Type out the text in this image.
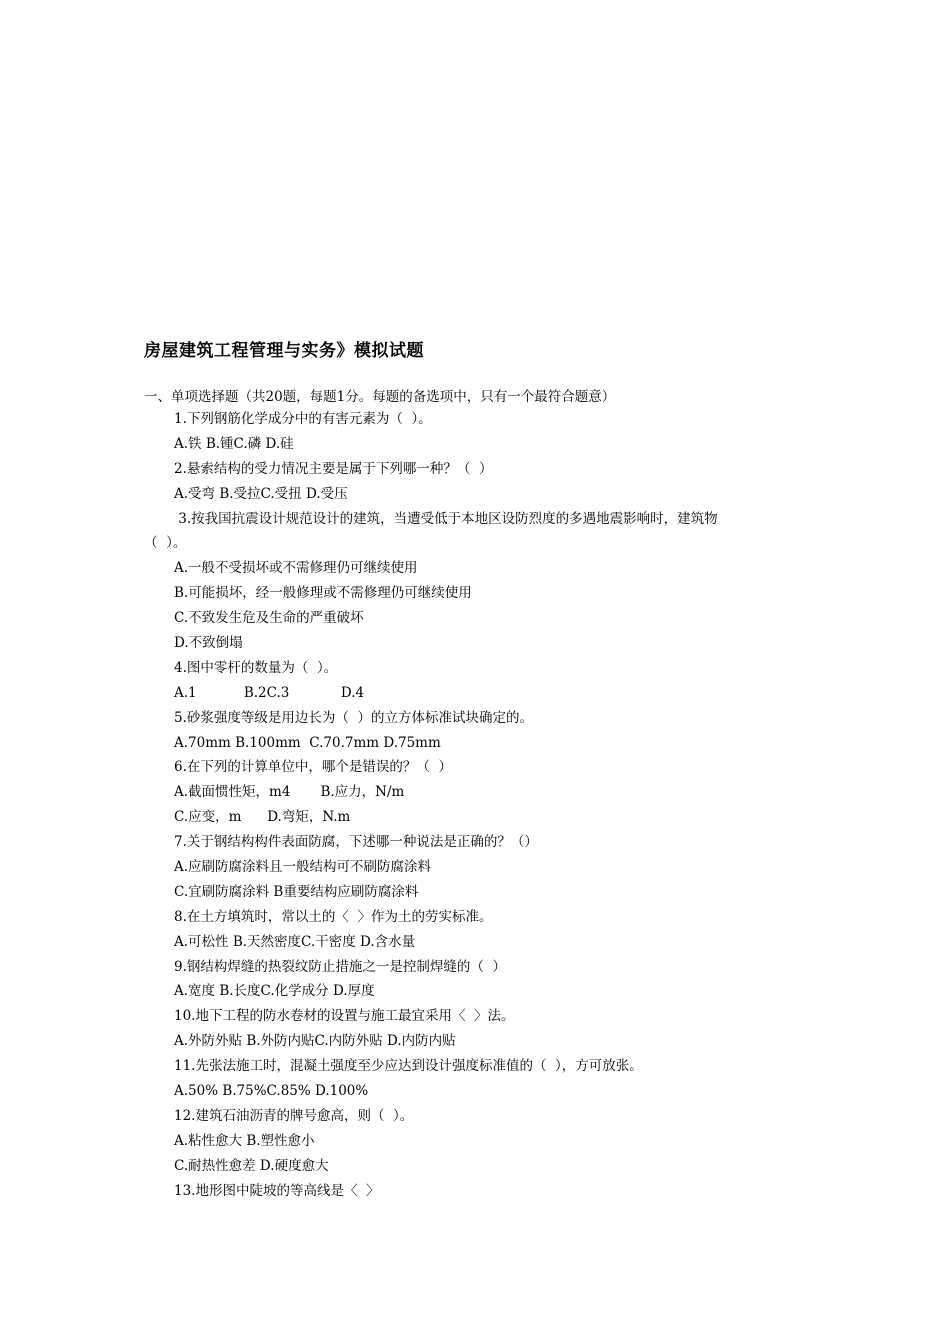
房屋建筑工程管理与实务》模拟试题
一、单项选择题（共20题，每题1分。每题的备选项中，只有一个最符合题意）
1.下列钢筋化学成分中的有害元素为（  ）。
A.铁 B.锺C.磷 D.硅
2.悬索结构的受力情况主要是属于下列哪一种？（  ）
A.受弯 B.受拉C.受扭 D.受压
3.按我国抗震设计规范设计的建筑，当遭受低于本地区设防烈度的多遇地震影响时，建筑物
（  ）。
A.一般不受损坏或不需修理仍可继续使用
B.可能损坏，经一般修理或不需修理仍可继续使用
C.不致发生危及生命的严重破坏
D.不致倒塌
4.图中零杆的数量为（  ）。
A.1           B.2C.3            D.4
5.砂浆强度等级是用边长为（  ）的立方体标准试块确定的。
A.70mm B.100mm  C.70.7mm D.75mm
6.在下列的计算单位中，哪个是错误的？（  ）
A.截面惯性矩，m4       B.应力，N/m
C.应变，m      D.弯矩，N.m
7.关于钢结构构件表面防腐，下述哪一种说法是正确的？（）
A.应刷防腐涂料且一般结构可不刷防腐涂料
C.宜刷防腐涂料 B重要结构应刷防腐涂料
8.在土方填筑时，常以土的〈  〉作为土的劳实标准。
A.可松性 B.天然密度C.干密度 D.含水量
9.钢结构焊缝的热裂纹防止措施之一是控制焊缝的（  ）
A.宽度 B.长度C.化学成分 D.厚度
10.地下工程的防水卷材的设置与施工最宜采用〈  〉法。
A.外防外贴 B.外防内贴C.内防外贴 D.内防内贴
11.先张法施工时，混凝土强度至少应达到设计强度标准值的（  ），方可放张。
A.50% B.75%C.85% D.100%
12.建筑石油沥青的牌号愈高，则（  ）。
A.粘性愈大 B.塑性愈小
C.耐热性愈差 D.硬度愈大
13.地形图中陡坡的等高线是〈  〉
